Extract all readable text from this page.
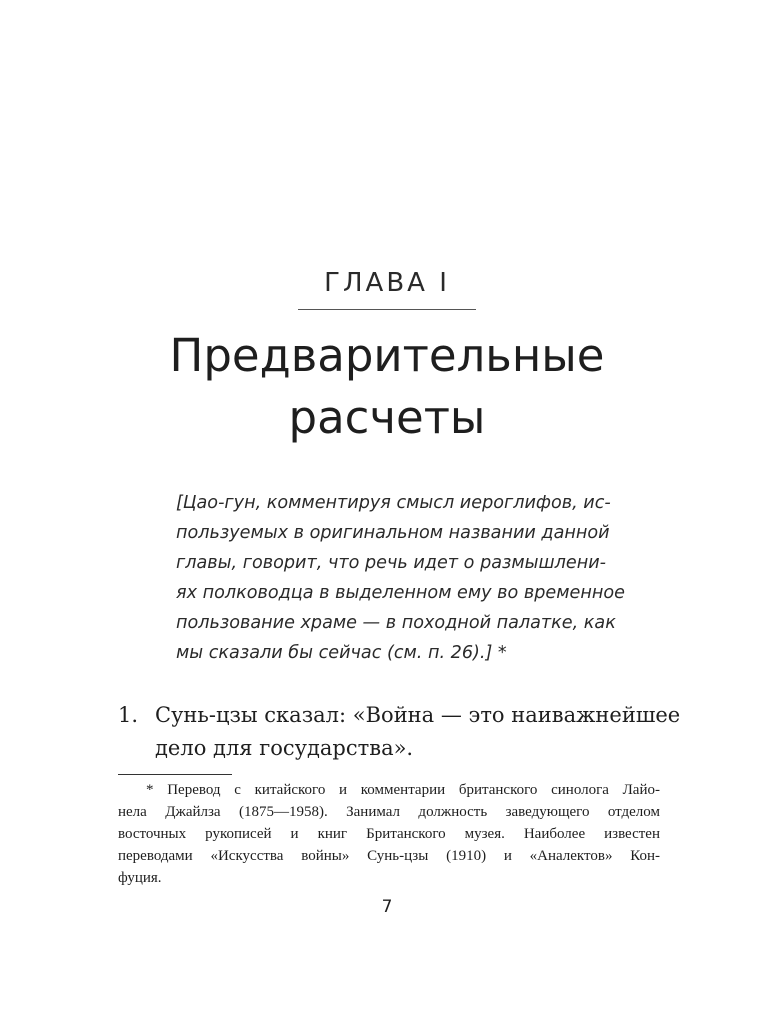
ГЛАВА I
Предварительные
расчеты
[Цао-гун, комментируя смысл иероглифов, ис-
пользуемых в оригинальном названии данной
главы, говорит, что речь идет о размышлени-
ях полководца в выделенном ему во временное
пользование храме — в походной палатке, как
мы сказали бы сейчас (см. п. 26).] *
1. Сунь-цзы сказал: «Война — это наиважнейшее
дело для государства».
* Перевод с китайского и комментарии британского синолога Лайо-
нела Джайлза (1875—1958). Занимал должность заведующего отделом
восточных рукописей и книг Британского музея. Наиболее известен
переводами «Искусства войны» Сунь-цзы (1910) и «Аналектов» Кон-
фуция.
7
